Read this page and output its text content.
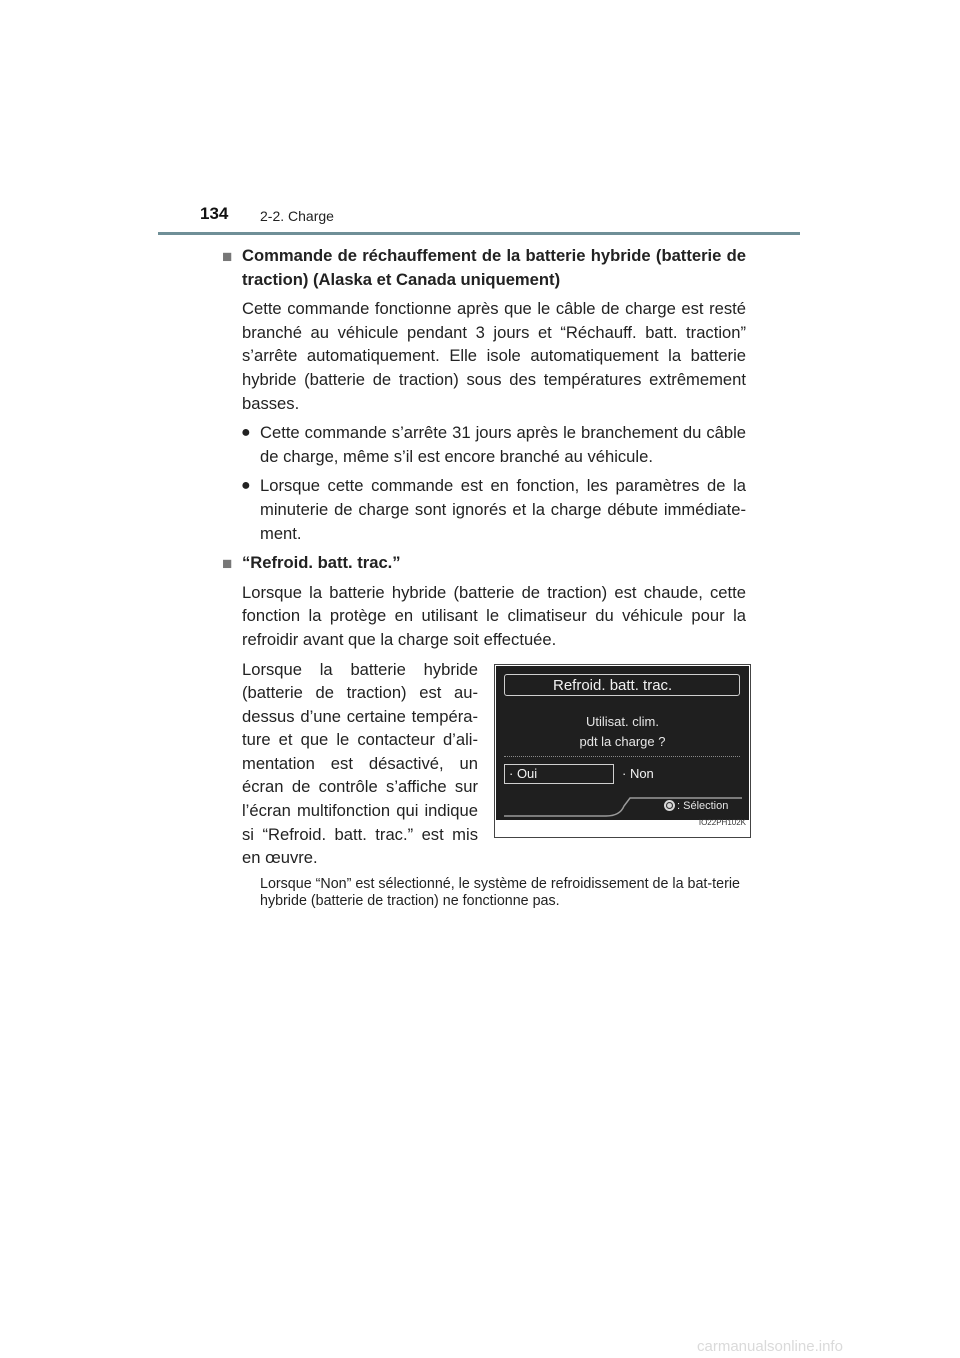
134 2-2. Charge
■ Commande de réchauffement de la batterie hybride (batterie de traction) (Alaska et Canada uniquement)
Cette commande fonctionne après que le câble de charge est resté branché au véhicule pendant 3 jours et “Réchauff. batt. traction” s’arrête automatiquement. Elle isole automatiquement la batterie hybride (batterie de traction) sous des températures extrêmement basses.
● Cette commande s’arrête 31 jours après le branchement du câble de charge, même s’il est encore branché au véhicule.
● Lorsque cette commande est en fonction, les paramètres de la minuterie de charge sont ignorés et la charge débute immédiate-ment.
■ “Refroid. batt. trac.”
Lorsque la batterie hybride (batterie de traction) est chaude, cette fonction la protège en utilisant le climatiseur du véhicule pour la refroidir avant que la charge soit effectuée.
Lorsque la batterie hybride (batterie de traction) est au-dessus d’une certaine tempéra-ture et que le contacteur d’ali-mentation est désactivé, un écran de contrôle s’affiche sur l’écran multifonction qui indique si “Refroid. batt. trac.” est mis en œuvre.
Refroid. batt. trac.
Utilisat. clim.
pdt la charge ?
· Oui	· Non
: Sélection
IO22PH102K
Lorsque “Non” est sélectionné, le système de refroidissement de la bat-terie hybride (batterie de traction) ne fonctionne pas.
carmanualsonline.info
